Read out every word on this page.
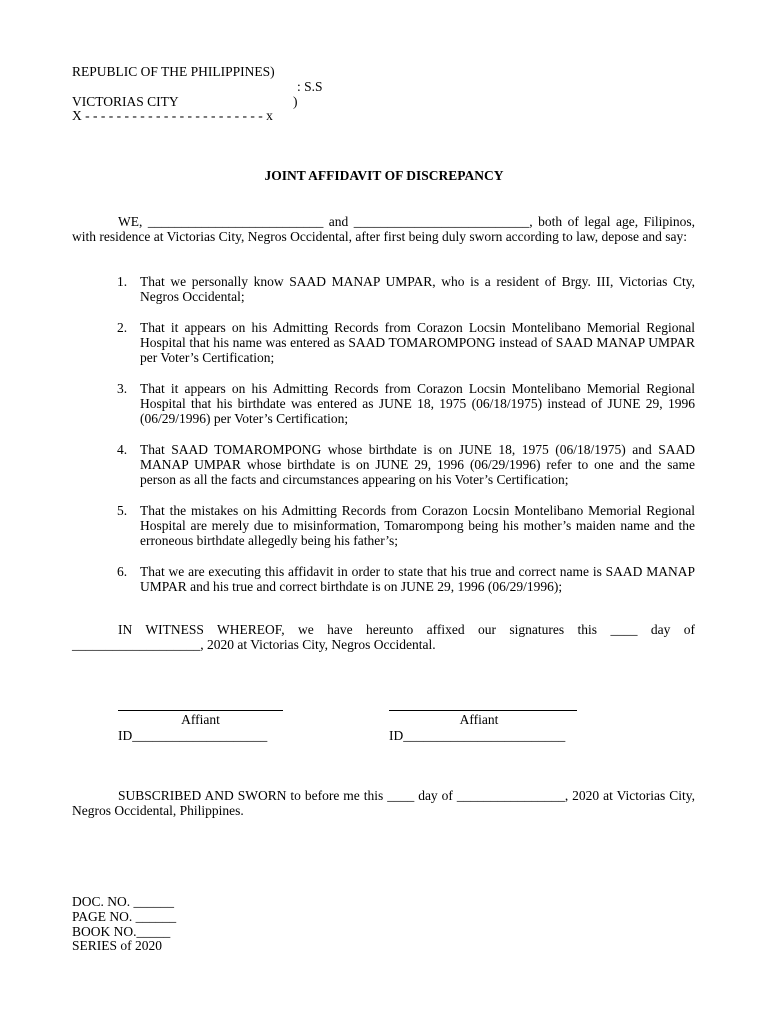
REPUBLIC OF THE PHILIPPINES)
: S.S
VICTORIAS CITY	)
X - - - - - - - - - - - - - - - - - - - - - - - x
JOINT AFFIDAVIT OF DISCREPANCY
WE, __________________________ and __________________________, both of legal age, Filipinos, with residence at Victorias City, Negros Occidental, after first being duly sworn according to law, depose and say:
1. That we personally know SAAD MANAP UMPAR, who is a resident of Brgy. III, Victorias Cty, Negros Occidental;
2. That it appears on his Admitting Records from Corazon Locsin Montelibano Memorial Regional Hospital that his name was entered as SAAD TOMAROMPONG instead of SAAD MANAP UMPAR per Voter’s Certification;
3. That it appears on his Admitting Records from Corazon Locsin Montelibano Memorial Regional Hospital that his birthdate was entered as JUNE 18, 1975 (06/18/1975) instead of JUNE 29, 1996 (06/29/1996) per Voter’s Certification;
4. That SAAD TOMAROMPONG whose birthdate is on JUNE 18, 1975 (06/18/1975) and SAAD MANAP UMPAR whose birthdate is on JUNE 29, 1996 (06/29/1996) refer to one and the same person as all the facts and circumstances appearing on his Voter’s Certification;
5. That the mistakes on his Admitting Records from Corazon Locsin Montelibano Memorial Regional Hospital are merely due to misinformation, Tomarompong being his mother’s maiden name and the erroneous birthdate allegedly being his father’s;
6. That we are executing this affidavit in order to state that his true and correct name is SAAD MANAP UMPAR and his true and correct birthdate is on JUNE 29, 1996 (06/29/1996);
IN WITNESS WHEREOF, we have hereunto affixed our signatures this ____ day of ___________________, 2020 at Victorias City, Negros Occidental.
Affiant
ID____________________
Affiant
ID________________________
SUBSCRIBED AND SWORN to before me this ____ day of ________________, 2020 at Victorias City, Negros Occidental, Philippines.
DOC. NO. ______
PAGE NO. ______
BOOK NO._____
SERIES of 2020
